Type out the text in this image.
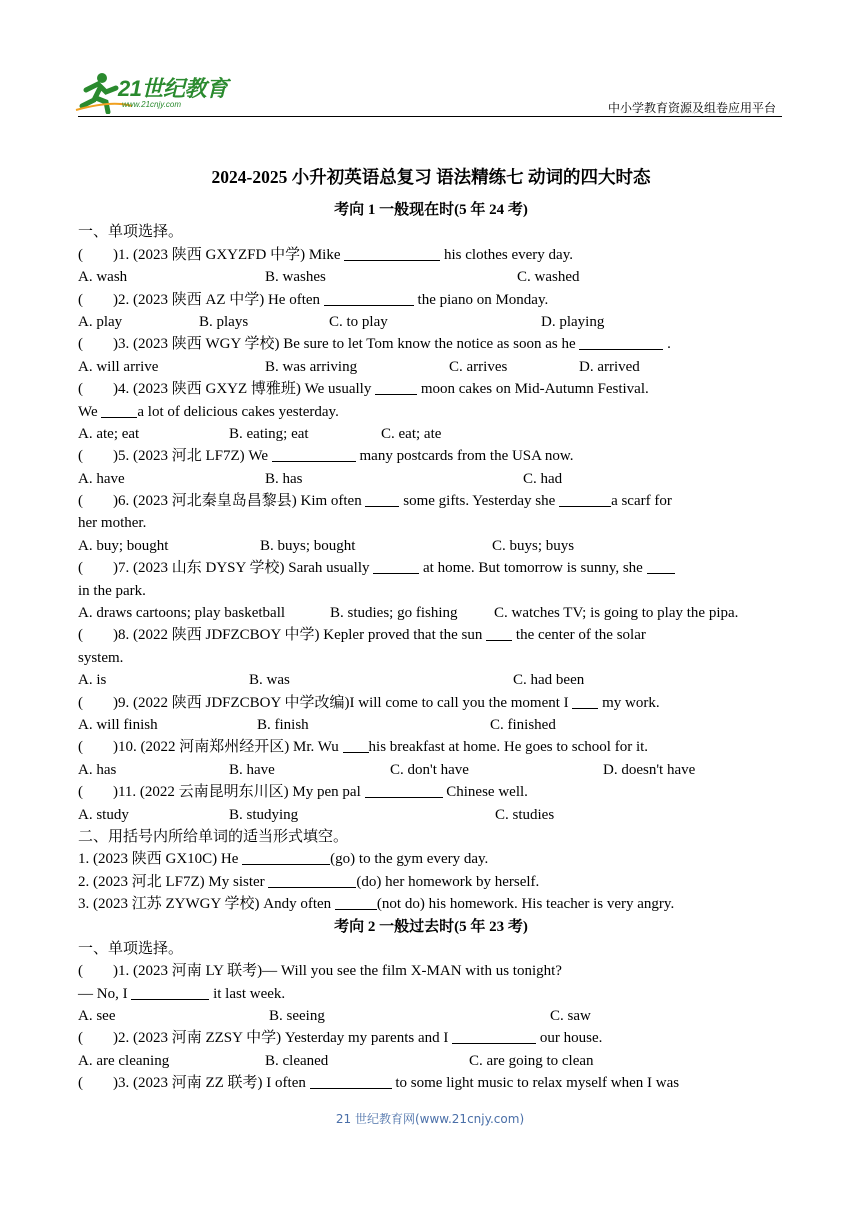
21世纪教育
www.21cnjy.com	中小学教育资源及组卷应用平台
2024-2025 小升初英语总复习 语法精练七 动词的四大时态
考向 1 一般现在时(5 年 24 考)
一、单项选择。
(　　)1. (2023 陕西 GXYZFD 中学) Mike	his clothes every day.
A. wash	B. washes	C. washed
(　　)2. (2023 陕西 AZ 中学) He often	the piano on Monday.
A. play	B. plays	C. to play	D. playing
(　　)3. (2023 陕西 WGY 学校) Be sure to let Tom know the notice as soon as he	.
A. will arrive	B. was arriving	C. arrives	D. arrived
(　　)4. (2023 陕西 GXYZ 博雅班) We usually	moon cakes on Mid-Autumn Festival.
We a lot of delicious cakes yesterday.
A. ate; eat	B. eating; eat	C. eat; ate
(　　)5. (2023 河北 LF7Z) We	many postcards from the USA now.
A. have	B. has	C. had
(　　)6. (2023 河北秦皇岛昌黎县) Kim often  some gifts. Yesterday she	a scarf for
her mother.
A. buy; bought	B. buys; bought	C. buys; buys
(　　)7. (2023 山东 DYSY 学校) Sarah usually	at home. But tomorrow is sunny, she
in the park.
A. draws cartoons; play basketball	B. studies; go fishing C. watches TV; is going to play the pipa.
(　　)8. (2022 陕西 JDFZCBOY 中学) Kepler proved that the sun  the center of the solar
system.
A. is	B. was	C. had been
(　　)9. (2022 陕西 JDFZCBOY 中学改编)I will come to call you the moment I  my work.
A. will finish	B. finish	C. finished
(　　)10. (2022 河南郑州经开区) Mr. Wu his breakfast at home. He goes to school for it.
A. has	B. have	C. don't have	D. doesn't have
(　　)11. (2022 云南昆明东川区) My pen pal	Chinese well.
A. study	B. studying	C. studies
二、用括号内所给单词的适当形式填空。
1. (2023 陕西 GX10C) He	(go) to the gym every day.
2. (2023 河北 LF7Z) My sister	(do) her homework by herself.
3. (2023 江苏 ZYWGY 学校) Andy often	(not do) his homework. His teacher is very angry.
考向 2 一般过去时(5 年 23 考)
一、单项选择。
(　　)1. (2023 河南 LY 联考)— Will you see the film X-MAN with us tonight?
— No, I	it last week.
A. see	B. seeing	C. saw
(　　)2. (2023 河南 ZZSY 中学) Yesterday my parents and I	our house.
A. are cleaning	B. cleaned	C. are going to clean
(　　)3. (2023 河南 ZZ 联考) I often	to some light music to relax myself when I was
21 世纪教育网(www.21cnjy.com)
